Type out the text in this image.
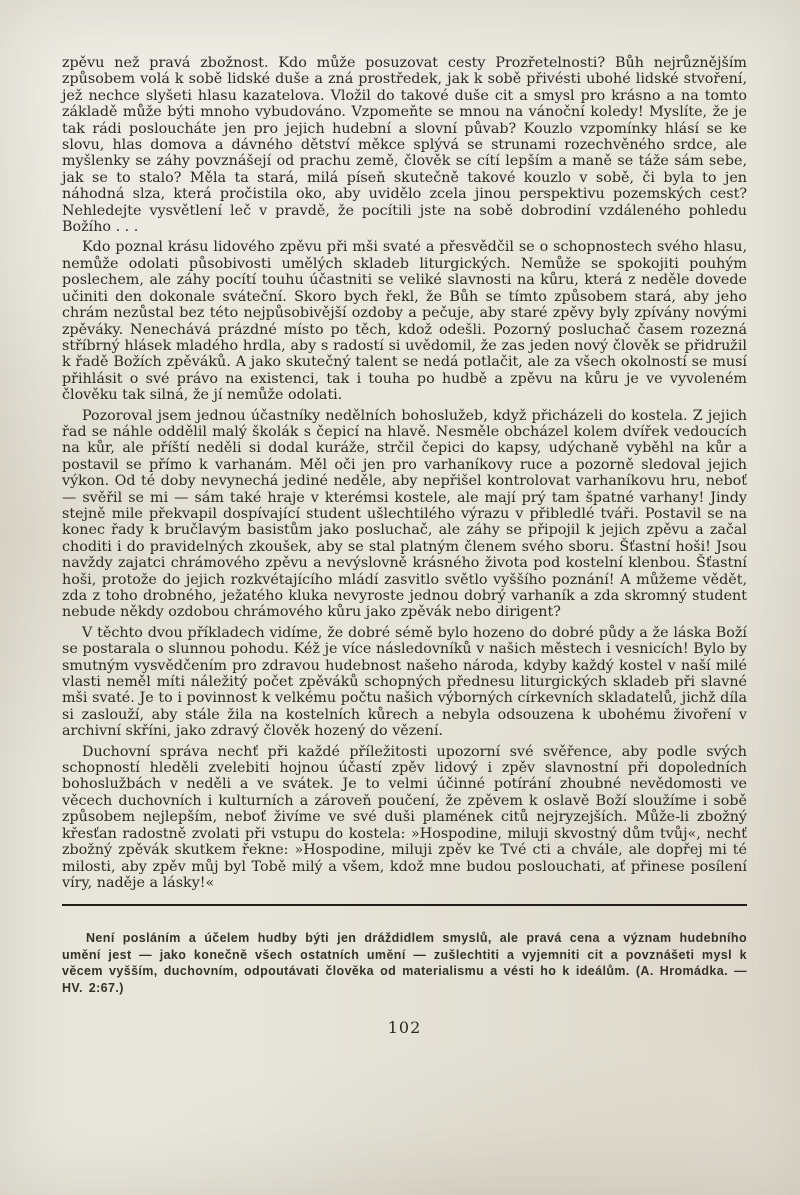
zpěvu než pravá zbožnost. Kdo může posuzovat cesty Prozřetelnosti? Bůh nejrůznějším způsobem volá k sobě lidské duše a zná prostředek, jak k sobě přivésti ubohé lidské stvoření, jež nechce slyšeti hlasu kazatelova. Vložil do takové duše cit a smysl pro krásno a na tomto základě může býti mnoho vybudováno. Vzpomeňte se mnou na vánoční koledy! Myslíte, že je tak rádi posloucháte jen pro jejich hudební a slovní půvab? Kouzlo vzpomínky hlásí se ke slovu, hlas domova a dávného dětství měkce splývá se strunami rozechvěného srdce, ale myšlenky se záhy povznášejí od prachu země, člověk se cítí lepším a maně se táže sám sebe, jak se to stalo? Měla ta stará, milá píseň skutečně takové kouzlo v sobě, či byla to jen náhodná slza, která pročistila oko, aby uvidělo zcela jinou perspektivu pozemských cest? Nehledejte vysvětlení leč v pravdě, že pocítili jste na sobě dobrodiní vzdáleného pohledu Božího . . .

Kdo poznal krásu lidového zpěvu při mši svaté a přesvědčil se o schopnostech svého hlasu, nemůže odolati působivosti umělých skladeb liturgických. Nemůže se spokojiti pouhým poslechem, ale záhy pocítí touhu účastniti se veliké slavnosti na kůru, která z neděle dovede učiniti den dokonale sváteční. Skoro bych řekl, že Bůh se tímto způsobem stará, aby jeho chrám nezůstal bez této nejpůsobivější ozdoby a pečuje, aby staré zpěvy byly zpívány novými zpěváky. Nenechává prázdné místo po těch, kdož odešli. Pozorný posluchač časem rozezná stříbrný hlásek mladého hrdla, aby s radostí si uvědomil, že zas jeden nový člověk se přidružil k řadě Božích zpěváků. A jako skutečný talent se nedá potlačit, ale za všech okolností se musí přihlásit o své právo na existenci, tak i touha po hudbě a zpěvu na kůru je ve vyvoleném člověku tak silná, že jí nemůže odolati.

Pozoroval jsem jednou účastníky nedělních bohoslužeb, když přicházeli do kostela. Z jejich řad se náhle oddělil malý školák s čepicí na hlavě. Nesměle obcházel kolem dvířek vedoucích na kůr, ale příští neděli si dodal kuráže, strčil čepici do kapsy, udýchaně vyběhl na kůr a postavil se přímo k varhanám. Měl oči jen pro varhaníkovy ruce a pozorně sledoval jejich výkon. Od té doby nevynechá jediné neděle, aby nepřišel kontrolovat varhaníkovu hru, neboť — svěřil se mi — sám také hraje v kterémsi kostele, ale mají prý tam špatné varhany! Jindy stejně mile překvapil dospívající student ušlechtilého výrazu v přibledlé tváři. Postavil se na konec řady k bručlavým basistům jako posluchač, ale záhy se připojil k jejich zpěvu a začal choditi i do pravidelných zkoušek, aby se stal platným členem svého sboru. Šťastní hoši! Jsou navždy zajatci chrámového zpěvu a nevýslovně krásného života pod kostelní klenbou. Šťastní hoši, protože do jejich rozkvétajícího mládí zasvitlo světlo vyššího poznání! A můžeme vědět, zda z toho drobného, ježatého kluka nevyroste jednou dobrý varhaník a zda skromný student nebude někdy ozdobou chrámového kůru jako zpěvák nebo dirigent?

V těchto dvou příkladech vidíme, že dobré sémě bylo hozeno do dobré půdy a že láska Boží se postarala o slunnou pohodu. Kéž je více následovníků v našich městech i vesnicích! Bylo by smutným vysvědčením pro zdravou hudebnost našeho národa, kdyby každý kostel v naší milé vlasti neměl míti náležitý počet zpěváků schopných přednesu liturgických skladeb při slavné mši svaté. Je to i povinnost k velkému počtu našich výborných církevních skladatelů, jichž díla si zaslouží, aby stále žila na kostelních kůrech a nebyla odsouzena k ubohému živoření v archivní skříni, jako zdravý člověk hozený do vězení.

Duchovní správa nechť při každé příležitosti upozorní své svěřence, aby podle svých schopností hleděli zvelebiti hojnou účastí zpěv lidový i zpěv slavnostní při dopoledních bohoslužbách v neděli a ve svátek. Je to velmi účinné potírání zhoubné nevědomosti ve věcech duchovních i kulturních a zároveň poučení, že zpěvem k oslavě Boží sloužíme i sobě způsobem nejlepším, neboť živíme ve své duši plamének citů nejryzejších. Může-li zbožný křesťan radostně zvolati při vstupu do kostela: »Hospodine, miluji skvostný dům tvůj«, nechť zbožný zpěvák skutkem řekne: »Hospodine, miluji zpěv ke Tvé cti a chvále, ale dopřej mi té milosti, aby zpěv můj byl Tobě milý a všem, kdož mne budou poslouchati, ať přinese posílení víry, naděje a lásky!«

Není posláním a účelem hudby býti jen dráždidlem smyslů, ale pravá cena a význam hudebního umění jest — jako konečně všech ostatních umění — zušlechtiti a vyjemniti cit a povznášeti mysl k věcem vyšším, duchovním, odpoutávati člověka od materialismu a vésti ho k ideálům. (A. Hromádka. — HV. 2:67.)
102
